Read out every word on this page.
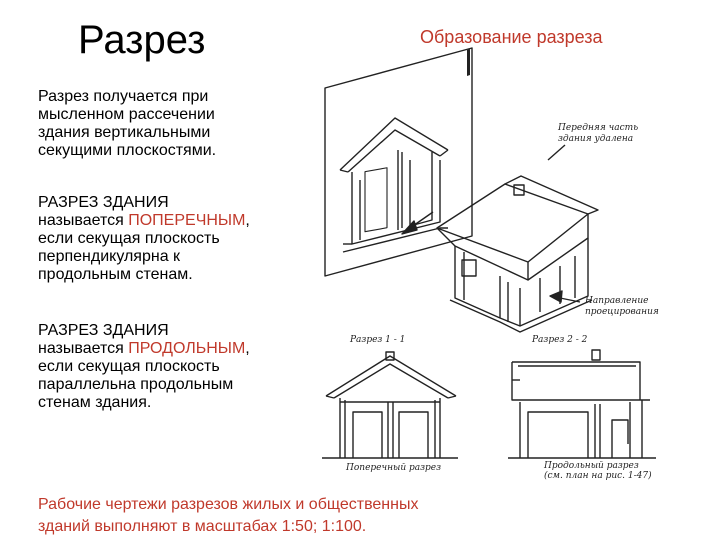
Разрез	Образование разреза
Разрез получается при
мысленном рассечении
здания вертикальными
секущими плоскостями.
РАЗРЕЗ ЗДАНИЯ
называется ПОПЕРЕЧНЫМ,
если секущая плоскость
перпендикулярна к
продольным стенам.
РАЗРЕЗ ЗДАНИЯ
называется ПРОДОЛЬНЫМ,
если секущая плоскость
параллельна продольным
стенам здания.
Рабочие чертежи разрезов жилых и общественных
зданий выполняют в масштабах 1:50; 1:100.
Передняя часть
здания удалена
Направление
проецирования
Разрез 1 - 1
Поперечный разрез
Разрез 2 - 2
Продольный разрез
(см. план на рис. 1-47)
